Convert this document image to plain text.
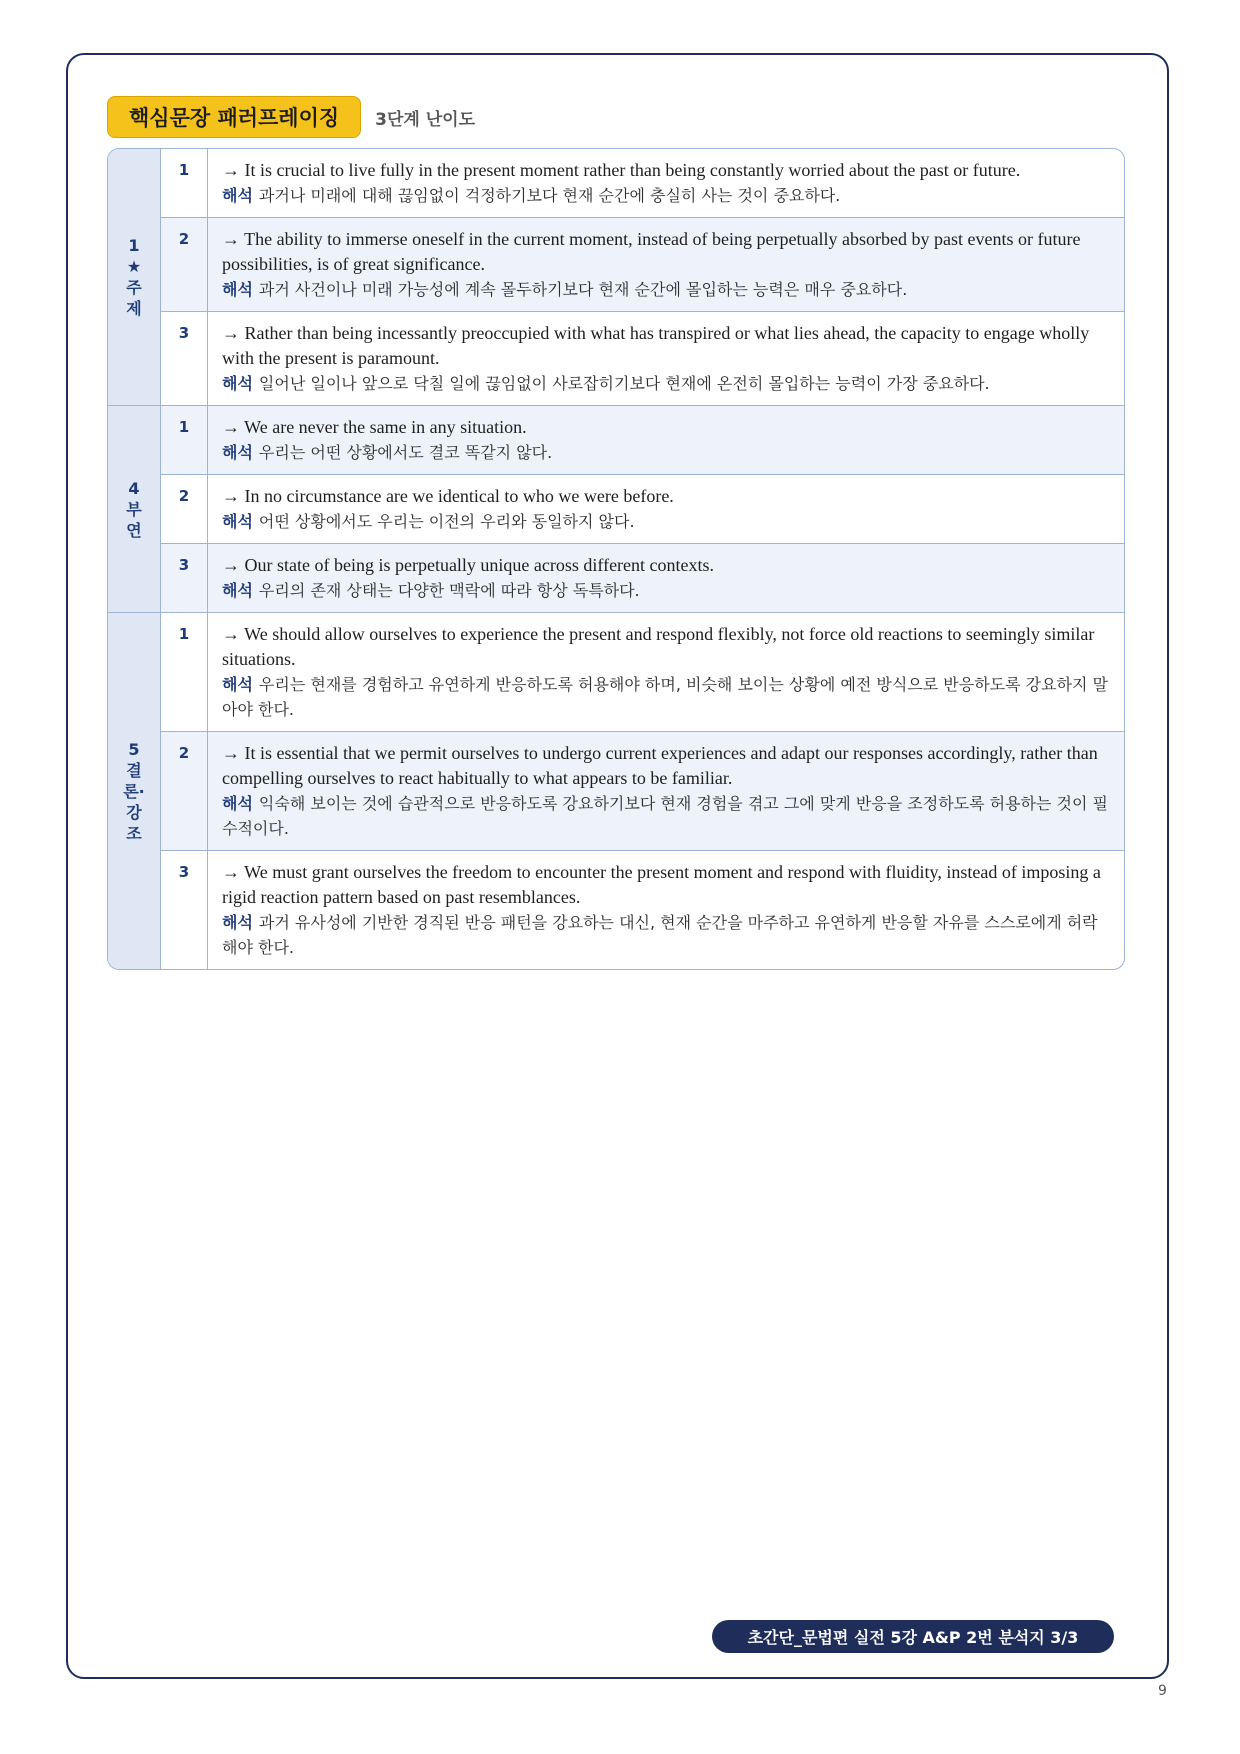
핵심문장 패러프레이징	3단계 난이도
1
★
주
제
1	→ It is crucial to live fully in the present moment rather than being constantly worried about the past or future.
해석 과거나 미래에 대해 끊임없이 걱정하기보다 현재 순간에 충실히 사는 것이 중요하다.
2	→ The ability to immerse oneself in the current moment, instead of being perpetually absorbed by past events or future possibilities, is of great significance.
해석 과거 사건이나 미래 가능성에 계속 몰두하기보다 현재 순간에 몰입하는 능력은 매우 중요하다.
3	→ Rather than being incessantly preoccupied with what has transpired or what lies ahead, the capacity to engage wholly with the present is paramount.
해석 일어난 일이나 앞으로 닥칠 일에 끊임없이 사로잡히기보다 현재에 온전히 몰입하는 능력이 가장 중요하다.
4
부
연
1	→ We are never the same in any situation.
해석 우리는 어떤 상황에서도 결코 똑같지 않다.
2	→ In no circumstance are we identical to who we were before.
해석 어떤 상황에서도 우리는 이전의 우리와 동일하지 않다.
3	→ Our state of being is perpetually unique across different contexts.
해석 우리의 존재 상태는 다양한 맥락에 따라 항상 독특하다.
5
결
론·
강
조
1	→ We should allow ourselves to experience the present and respond flexibly, not force old reactions to seemingly similar situations.
해석 우리는 현재를 경험하고 유연하게 반응하도록 허용해야 하며, 비슷해 보이는 상황에 예전 방식으로 반응하도록 강요하지 말아야 한다.
2	→ It is essential that we permit ourselves to undergo current experiences and adapt our responses accordingly, rather than compelling ourselves to react habitually to what appears to be familiar.
해석 익숙해 보이는 것에 습관적으로 반응하도록 강요하기보다 현재 경험을 겪고 그에 맞게 반응을 조정하도록 허용하는 것이 필수적이다.
3	→ We must grant ourselves the freedom to encounter the present moment and respond with fluidity, instead of imposing a rigid reaction pattern based on past resemblances.
해석 과거 유사성에 기반한 경직된 반응 패턴을 강요하는 대신, 현재 순간을 마주하고 유연하게 반응할 자유를 스스로에게 허락해야 한다.
초간단_문법편 실전 5강 A&P 2번 분석지 3/3
9
